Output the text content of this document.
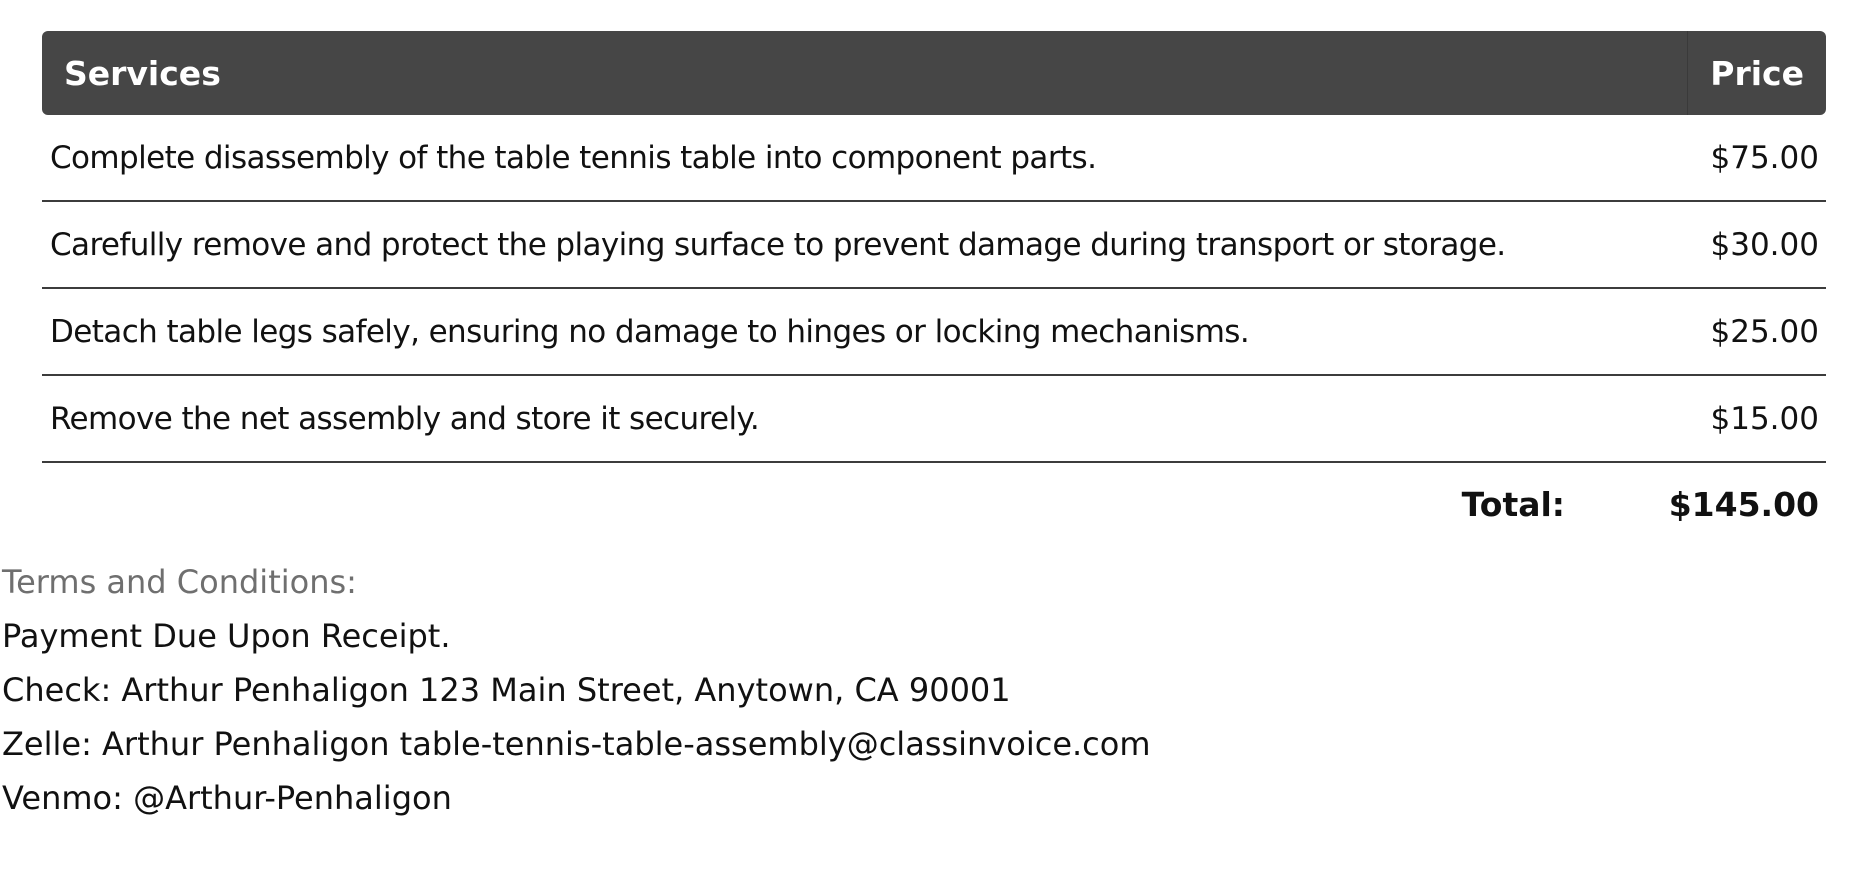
Services	Price
Complete disassembly of the table tennis table into component parts.	$75.00
Carefully remove and protect the playing surface to prevent damage during transport or storage.	$30.00
Detach table legs safely, ensuring no damage to hinges or locking mechanisms.	$25.00
Remove the net assembly and store it securely.	$15.00
Total:	$145.00
Terms and Conditions:
Payment Due Upon Receipt.
Check: Arthur Penhaligon 123 Main Street, Anytown, CA 90001
Zelle: Arthur Penhaligon table-tennis-table-assembly@classinvoice.com
Venmo: @Arthur-Penhaligon
